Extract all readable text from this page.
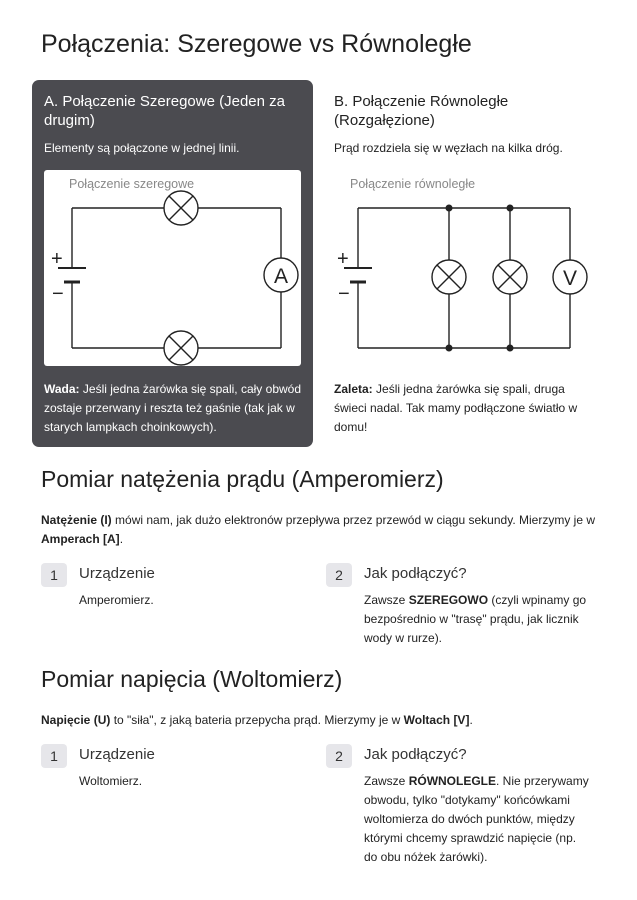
Połączenia: Szeregowe vs Równoległe
A. Połączenie Szeregowe (Jeden za drugim)
Elementy są połączone w jednej linii.
Połączenie szeregowe
+
−
A
Wada: Jeśli jedna żarówka się spali, cały obwód zostaje przerwany i reszta też gaśnie (tak jak w starych lampkach choinkowych).
B. Połączenie Równoległe (Rozgałęzione)
Prąd rozdziela się w węzłach na kilka dróg.
Połączenie równoległe
+
−
V
Zaleta: Jeśli jedna żarówka się spali, druga świeci nadal. Tak mamy podłączone światło w domu!
Pomiar natężenia prądu (Amperomierz)
Natężenie (I) mówi nam, jak dużo elektronów przepływa przez przewód w ciągu sekundy. Mierzymy je w Amperach [A].
1	Urządzenie
Amperomierz.
2	Jak podłączyć?
Zawsze SZEREGOWO (czyli wpinamy go bezpośrednio w "trasę" prądu, jak licznik wody w rurze).
Pomiar napięcia (Woltomierz)
Napięcie (U) to "siła", z jaką bateria przepycha prąd. Mierzymy je w Woltach [V].
1	Urządzenie
Woltomierz.
2	Jak podłączyć?
Zawsze RÓWNOLEGLE. Nie przerywamy obwodu, tylko "dotykamy" końcówkami woltomierza do dwóch punktów, między którymi chcemy sprawdzić napięcie (np. do obu nóżek żarówki).
